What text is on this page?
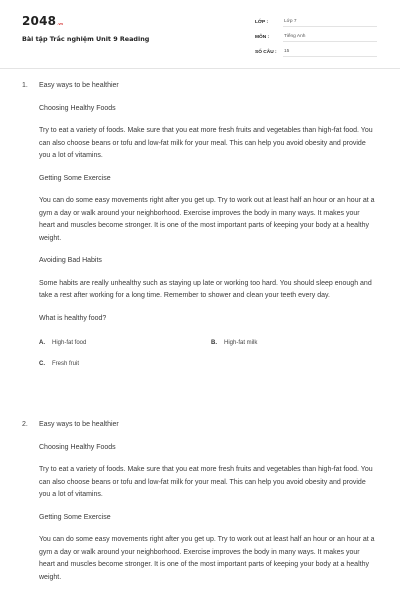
2048 .vn
Bài tập Trắc nghiệm Unit 9 Reading
LỚP :	Lớp 7
MÔN :	Tiếng Anh
SỐ CÂU :	15
1. Easy ways to be healthier
Choosing Healthy Foods
Try to eat a variety of foods. Make sure that you eat more fresh fruits and vegetables than high-fat food. You can also choose beans or tofu and low-fat milk for your meal. This can help you avoid obesity and provide you a lot of vitamins.
Getting Some Exercise
You can do some easy movements right after you get up. Try to work out at least half an hour or an hour at a gym a day or walk around your neighborhood. Exercise improves the body in many ways. It makes your heart and muscles become stronger. It is one of the most important parts of keeping your body at a healthy weight.
Avoiding Bad Habits
Some habits are really unhealthy such as staying up late or working too hard. You should sleep enough and take a rest after working for a long time. Remember to shower and clean your teeth every day.
What is healthy food?
A. High-fat food	B. High-fat milk
C. Fresh fruit
2. Easy ways to be healthier
Choosing Healthy Foods
Try to eat a variety of foods. Make sure that you eat more fresh fruits and vegetables than high-fat food. You can also choose beans or tofu and low-fat milk for your meal. This can help you avoid obesity and provide you a lot of vitamins.
Getting Some Exercise
You can do some easy movements right after you get up. Try to work out at least half an hour or an hour at a gym a day or walk around your neighborhood. Exercise improves the body in many ways. It makes your heart and muscles become stronger. It is one of the most important parts of keeping your body at a healthy weight.
